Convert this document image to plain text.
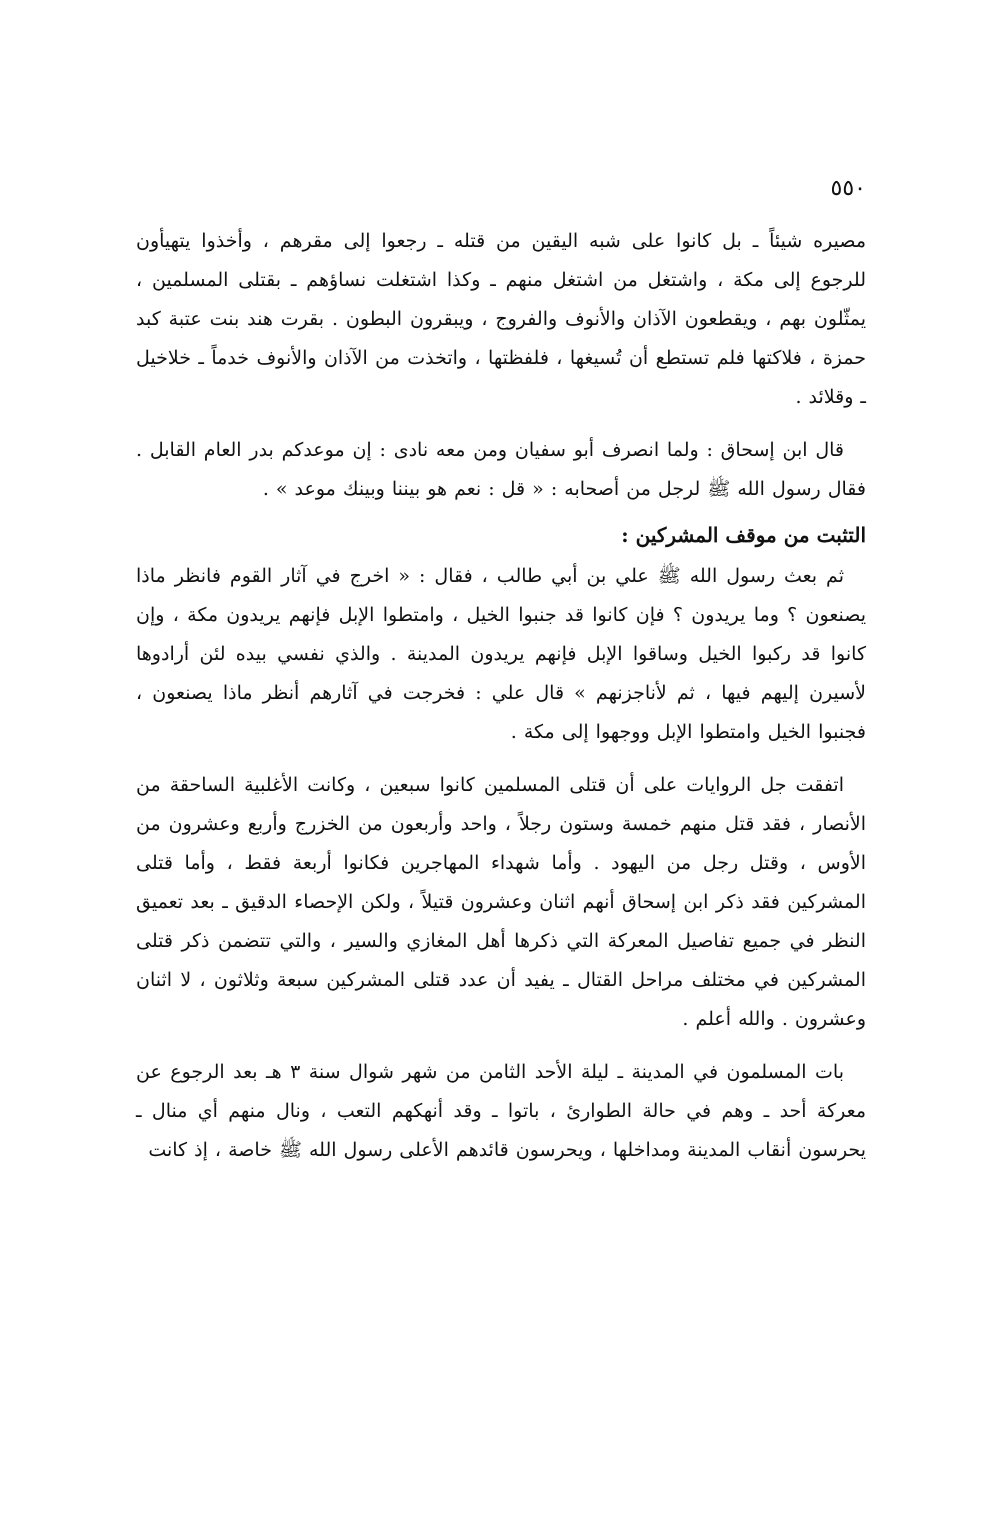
٥٥٠

مصيره شيئاً ـ بل كانوا على شبه اليقين من قتله ـ رجعوا إلى مقرهم ، وأخذوا يتهيأون للرجوع إلى مكة ، واشتغل من اشتغل منهم ـ وكذا اشتغلت نساؤهم ـ بقتلى المسلمين ، يمثّلون بهم ، ويقطعون الآذان والأنوف والفروج ، ويبقرون البطون . بقرت هند بنت عتبة كبد حمزة ، فلاكتها فلم تستطع أن تُسيغها ، فلفظتها ، واتخذت من الآذان والأنوف خدماً ـ خلاخيل ـ وقلائد .

قال ابن إسحاق : ولما انصرف أبو سفيان ومن معه نادى : إن موعدكم بدر العام القابل . فقال رسول الله ﷺ لرجل من أصحابه : « قل : نعم هو بيننا وبينك موعد » .

التثبت من موقف المشركين :

ثم بعث رسول الله ﷺ علي بن أبي طالب ، فقال : « اخرج في آثار القوم فانظر ماذا يصنعون ؟ وما يريدون ؟ فإن كانوا قد جنبوا الخيل ، وامتطوا الإبل فإنهم يريدون مكة ، وإن كانوا قد ركبوا الخيل وساقوا الإبل فإنهم يريدون المدينة . والذي نفسي بيده لئن أرادوها لأسيرن إليهم فيها ، ثم لأناجزنهم » قال علي : فخرجت في آثارهم أنظر ماذا يصنعون ، فجنبوا الخيل وامتطوا الإبل ووجهوا إلى مكة .

اتفقت جل الروايات على أن قتلى المسلمين كانوا سبعين ، وكانت الأغلبية الساحقة من الأنصار ، فقد قتل منهم خمسة وستون رجلاً ، واحد وأربعون من الخزرج وأربع وعشرون من الأوس ، وقتل رجل من اليهود . وأما شهداء المهاجرين فكانوا أربعة فقط ، وأما قتلى المشركين فقد ذكر ابن إسحاق أنهم اثنان وعشرون قتيلاً ، ولكن الإحصاء الدقيق ـ بعد تعميق النظر في جميع تفاصيل المعركة التي ذكرها أهل المغازي والسير ، والتي تتضمن ذكر قتلى المشركين في مختلف مراحل القتال ـ يفيد أن عدد قتلى المشركين سبعة وثلاثون ، لا اثنان وعشرون . والله أعلم .

بات المسلمون في المدينة ـ ليلة الأحد الثامن من شهر شوال سنة ٣ هـ بعد الرجوع عن معركة أحد ـ وهم في حالة الطوارئ ، باتوا ـ وقد أنهكهم التعب ، ونال منهم أي منال ـ يحرسون أنقاب المدينة ومداخلها ، ويحرسون قائدهم الأعلى رسول الله ﷺ خاصة ، إذ كانت
